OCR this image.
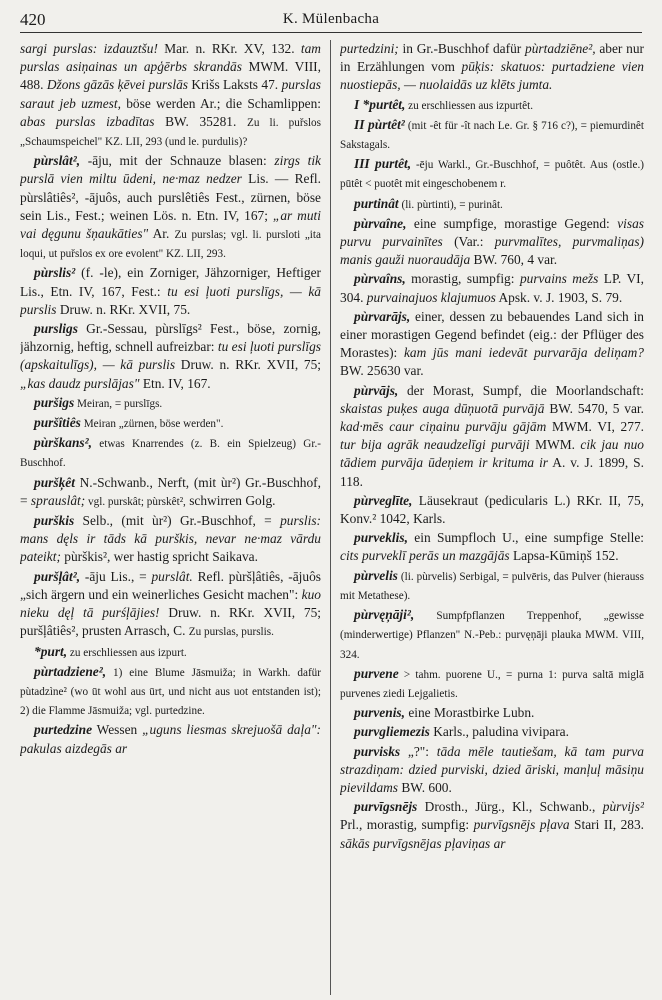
420	K. Mülenbacha

sargi purslas: izdauztšu! Mar. n. RKr. XV, 132. tam purslas asiņainas un apģērbs skrandās MWM. VIII, 488. Džons gāzās ķēvei purslās Krišs Laksts 47. purslas saraut jeb uzmest, böse werden Ar.; die Schamlippen: abas purslas izbadītas BW. 35281. Zu li. puřslos „Schaumspeichel" KZ. LII, 293 (und le. purdulis)?

pùrslât², -āju, mit der Schnauze blasen: zirgs tik purslā vien miltu ūdeni, ne·maz nedzer Lis. — Refl. pùrslâtiês², -ājuôs, auch purslêtiês Fest., zürnen, böse sein Lis., Fest.; weinen Lös. n. Etn. IV, 167; „ar muti vai dęgunu šņaukāties" Ar. Zu purslas; vgl. li. pursloti „ita loqui, ut puřslos ex ore evolent" KZ. LII, 293.

pùrslis² (f. -le), ein Zorniger, Jähzorniger, Heftiger Lis., Etn. IV, 167, Fest.: tu esi ļuoti purslīgs, — kā purslis Druw. n. RKr. XVII, 75.

pursligs Gr.-Sessau, pùrslīgs² Fest., böse, zornig, jähzornig, heftig, schnell aufreizbar: tu esi ļuoti purslīgs (apskaitulīgs), — kā purslis Druw. n. RKr. XVII, 75; „kas daudz purslājas" Etn. IV, 167.

puršigs Meiran, = purslīgs.

puršîtiês Meiran „zürnen, böse werden".

pùrškans², etwas Knarrendes (z. B. ein Spielzeug) Gr.-Buschhof.

puršķêt N.-Schwanb., Nerft, (mit ùr²) Gr.-Buschhof, = sprauslât; vgl. purskât; pùrskêt², schwirren Golg.

purškis Selb., (mit ùr²) Gr.-Buschhof, = purslis: mans dęls ir tāds kā purškis, nevar ne·maz vārdu pateikt; pùrškis², wer hastig spricht Saikava.

puršļât², -āju Lis., = purslât. Refl. pùršļâtiês, -ājuôs „sich ärgern und ein weinerliches Gesicht machen": kuo nieku dęļ tā purśļājies! Druw. n. RKr. XVII, 75; puršļâtiês², prusten Arrasch, C. Zu purslas, purslis.

*purt, zu erschliessen aus izpurt.

pùrtadziene², 1) eine Blume Jāsmuiža; in Warkh. dafür pùtadzìne² (wo ūt wohl aus ūrt, und nicht aus uot entstanden ist); 2) die Flamme Jāsmuiža; vgl. purtedzine.

purtedzine Wessen „uguns liesmas skrejuošā daļa": pakulas aizdegās ar

purtedzini; in Gr.-Buschhof dafür pùrtadziēne², aber nur in Erzählungen vom pūķis: skatuos: purtadziene vien nuostiepās, — nuolaidās uz klēts jumta.

I *purtêt, zu erschliessen aus izpurtêt.

II pùrtêt² (mit -êt für -ît nach Le. Gr. § 716 c?), = piemurdinêt Sakstagals.

III purtêt, -ēju Warkl., Gr.-Buschhof, = puôtêt. Aus (ostle.) pūtêt < puotêt mit eingeschobenem r.

purtinât (li. pùrtinti), = purinât.

pùrvaîne, eine sumpfige, morastige Gegend: visas purvu purvainītes (Var.: purvmalītes, purvmaliņas) manis gauži nuoraudāja BW. 760, 4 var.

pùrvaîns, morastig, sumpfig: purvains mežs LP. VI, 304. purvainajuos klajumuos Apsk. v. J. 1903, S. 79.

pùrvarājs, einer, dessen zu bebauendes Land sich in einer morastigen Gegend befindet (eig.: der Pflüger des Morastes): kam jūs mani iedevāt purvarāja deliņam? BW. 25630 var.

pùrvājs, der Morast, Sumpf, die Moorlandschaft: skaistas puķes auga dūņuotā purvājā BW. 5470, 5 var. kad·mēs caur ciņainu purvāju gājām MWM. VI, 277. tur bija agrāk neaudzelīgi purvāji MWM. cik jau nuo tādiem purvāja ūdeņiem ir krituma ir A. v. J. 1899, S. 118.

pùrveglīte, Läusekraut (pedicularis L.) RKr. II, 75, Konv.² 1042, Karls.

purveklis, ein Sumpfloch U., eine sumpfige Stelle: cits purveklī perās un mazgājās Lapsa-Kūmiņš 152.

pùrvelis (li. pùrvelis) Serbigal, = pulvēris, das Pulver (hierauss mit Metathese).

pùrvęņāji², Sumpfpflanzen Treppenhof, „gewisse (minderwertige) Pflanzen" N.-Peb.: purvęņāji plauka MWM. VIII, 324.

purvene > tahm. puorene U., = purna 1: purva saltā miglā purvenes ziedi Lejgalietis.

purvenis, eine Morastbirke Lubn.

purvgliemezis Karls., paludina vivipara.

purvisks „?": tāda mēle tautiešam, kā tam purva strazdiņam: dzied purviski, dzied āriski, manļuļ māsiņu pievildams BW. 600.

purvīgsnējs Drosth., Jürg., Kl., Schwanb., pùrvijs² Prl., morastig, sumpfig: purvīgsnējs pļava Stari II, 283. sākās purvīgsnējas pļaviņas ar
